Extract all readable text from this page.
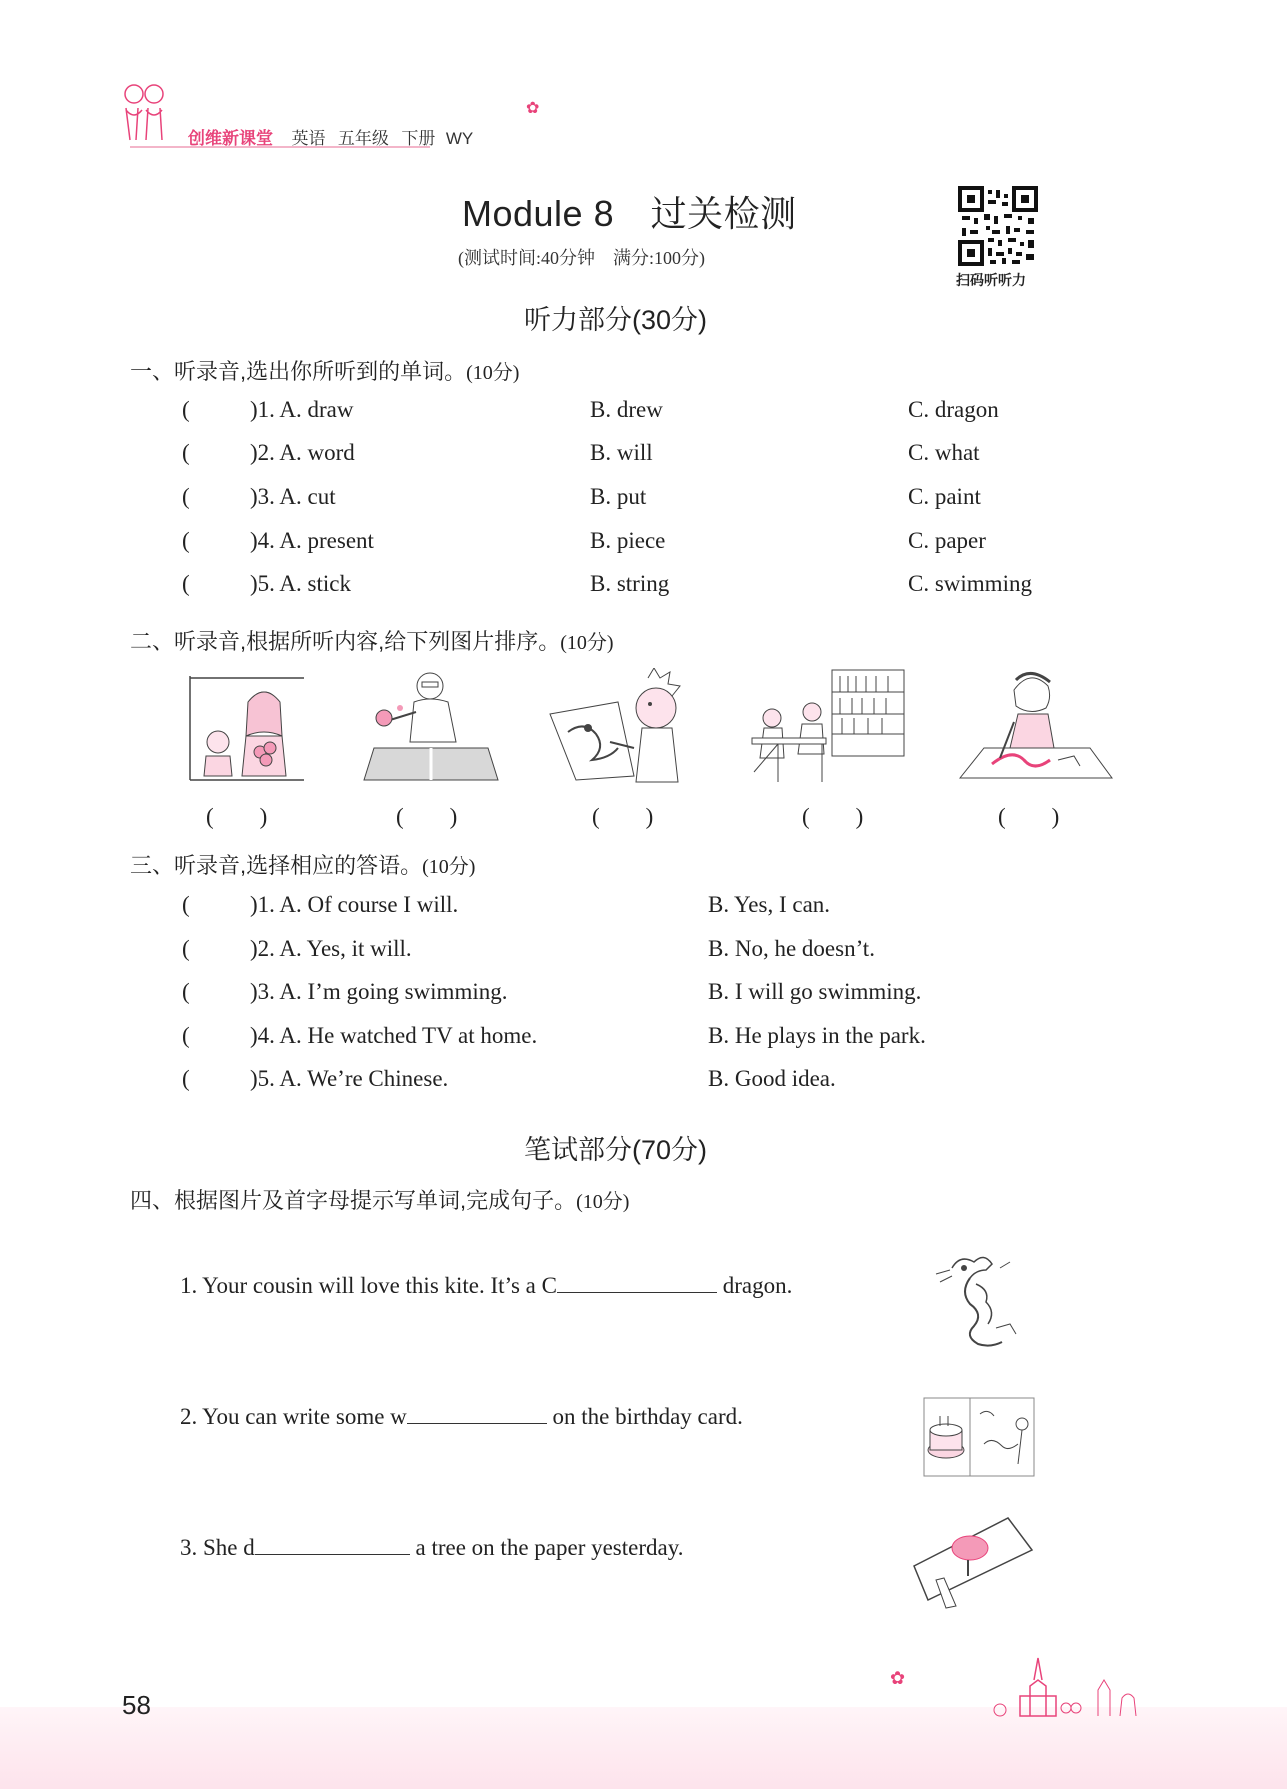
创维新课堂 英语 五年级 下册 WY
✿
Module 8　过关检测
(测试时间:40分钟　满分:100分)
扫码听听力
听力部分(30分)
一、听录音,选出你所听到的单词。(10分)
(	)1. A. draw	B. drew	C. dragon
(	)2. A. word	B. will	C. what
(	)3. A. cut	B. put	C. paint
(	)4. A. present	B. piece	C. paper
(	)5. A. stick	B. string	C. swimming
二、听录音,根据所听内容,给下列图片排序。(10分)
(　　)	(　　)	(　　)	(　　)	(　　)
三、听录音,选择相应的答语。(10分)
(	)1. A. Of course I will.	B. Yes, I can.
(	)2. A. Yes, it will.	B. No, he doesn’t.
(	)3. A. I’m going swimming.	B. I will go swimming.
(	)4. A. He watched TV at home.	B. He plays in the park.
(	)5. A. We’re Chinese.	B. Good idea.
笔试部分(70分)
四、根据图片及首字母提示写单词,完成句子。(10分)
1. Your cousin will love this kite. It’s a C	dragon.
2. You can write some w	on the birthday card.
3. She d	a tree on the paper yesterday.
58
✿
